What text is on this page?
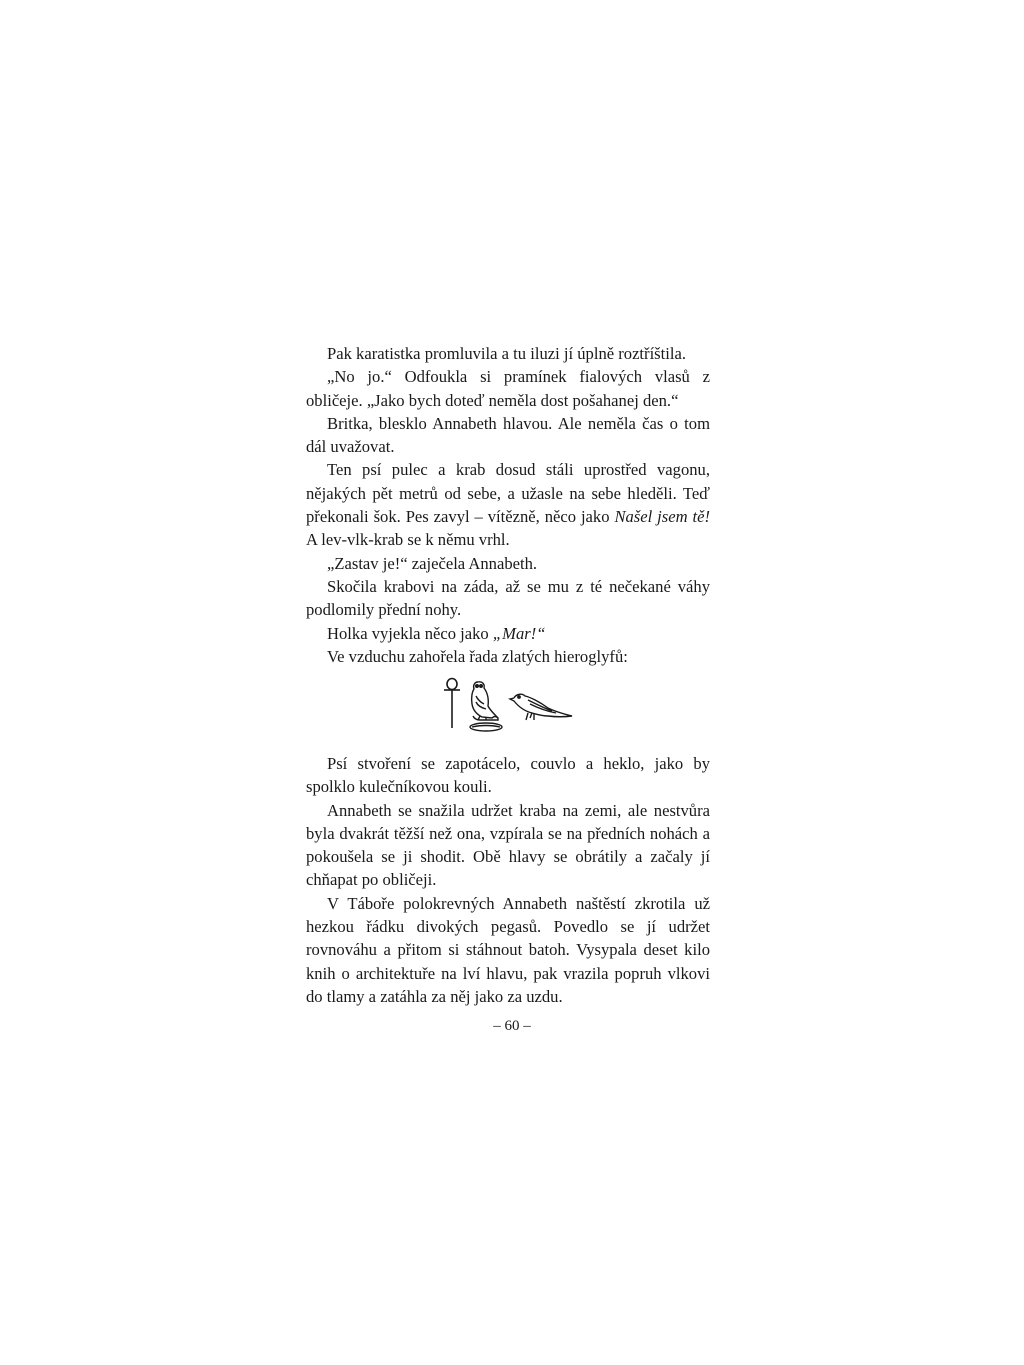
Pak karatistka promluvila a tu iluzi jí úplně roztříštila.

„No jo.“ Odfoukla si pramínek fialových vlasů z obličeje. „Jako bych doteď neměla dost pošahanej den.“

Britka, blesklo Annabeth hlavou. Ale neměla čas o tom dál uvažovat.

Ten psí pulec a krab dosud stáli uprostřed vagonu, nějakých pět metrů od sebe, a užasle na sebe hleděli. Teď překonali šok. Pes zavyl – vítězně, něco jako Našel jsem tě! A lev-vlk-krab se k němu vrhl.

„Zastav je!“ zaječela Annabeth.

Skočila krabovi na záda, až se mu z té nečekané váhy podlomily přední nohy.

Holka vyjekla něco jako „Mar!“

Ve vzduchu zahořela řada zlatých hieroglyfů:

Psí stvoření se zapotácelo, couvlo a heklo, jako by spolklo kulečníkovou kouli.

Annabeth se snažila udržet kraba na zemi, ale nestvůra byla dvakrát těžší než ona, vzpírala se na předních nohách a pokoušela se ji shodit. Obě hlavy se obrátily a začaly jí chňapat po obličeji.

V Táboře polokrevných Annabeth naštěstí zkrotila už hezkou řádku divokých pegasů. Povedlo se jí udržet rovnováhu a přitom si stáhnout batoh. Vysypala deset kilo knih o architektuře na lví hlavu, pak vrazila popruh vlkovi do tlamy a zatáhla za něj jako za uzdu.

– 60 –
